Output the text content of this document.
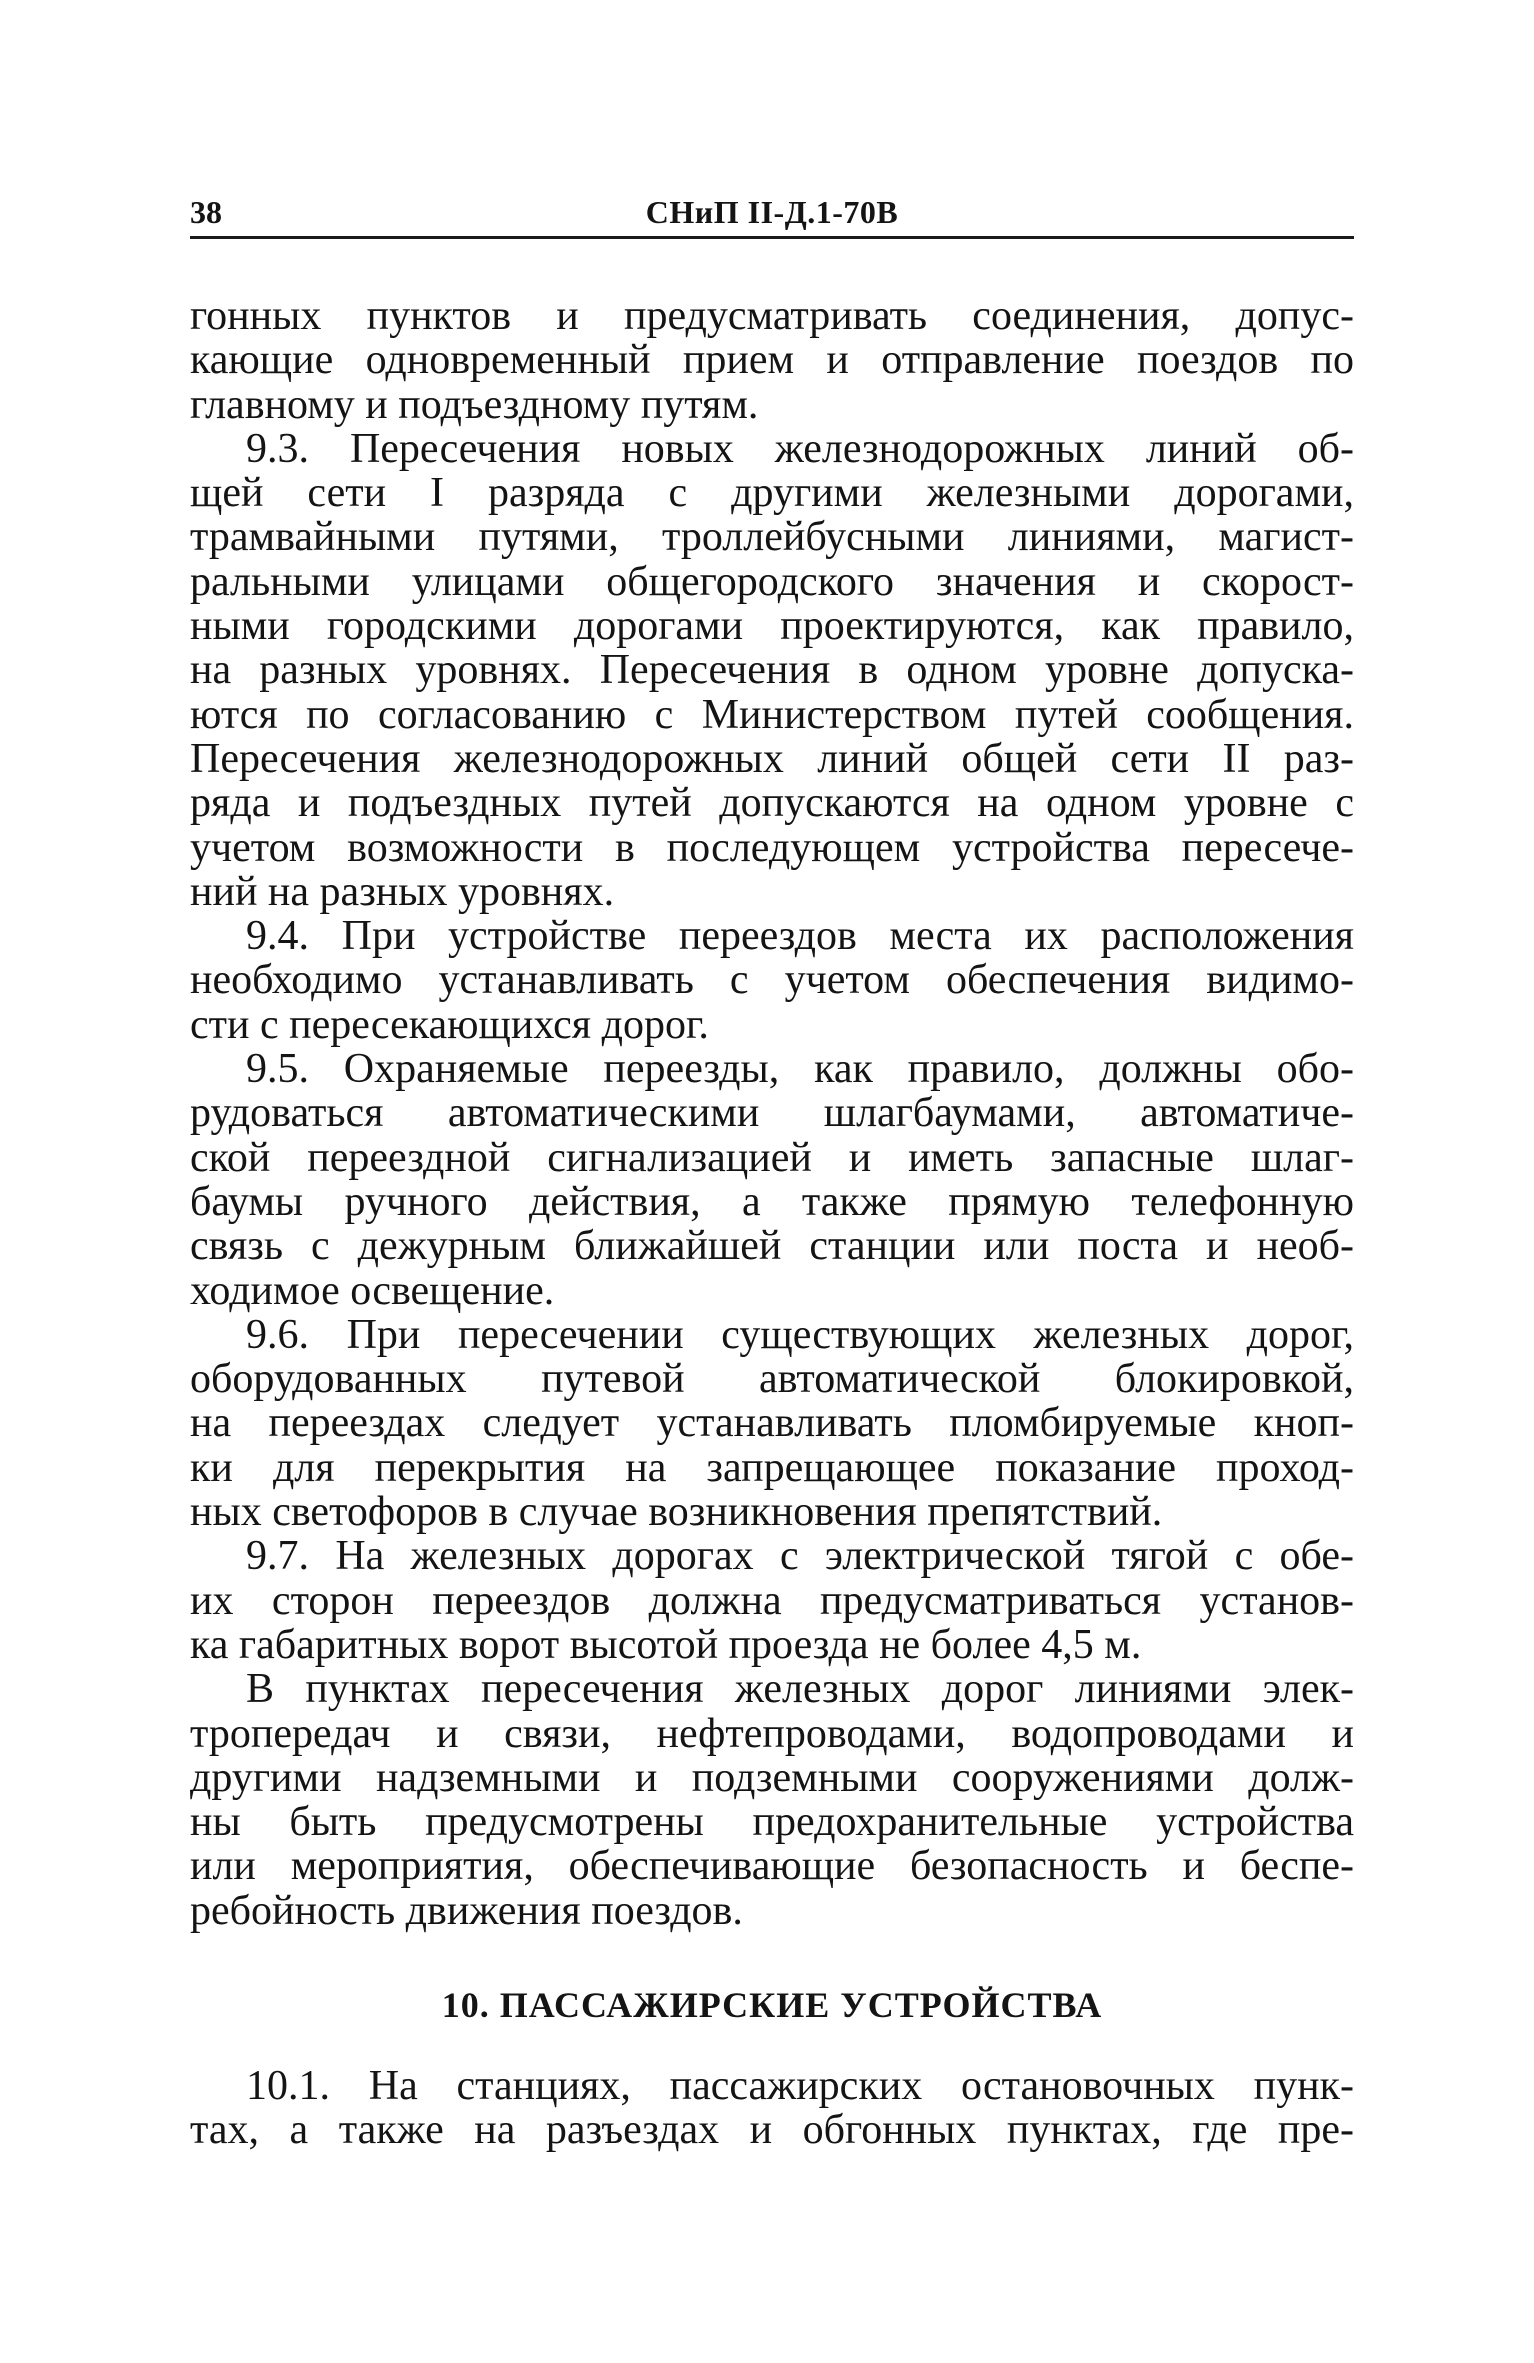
38	СНиП II-Д.1-70В
гонных пунктов и предусматривать соединения, допус-
кающие одновременный прием и отправление поездов по
главному и подъездному путям.
9.3. Пересечения новых железнодорожных линий об-
щей сети I разряда с другими железными дорогами,
трамвайными путями, троллейбусными линиями, магист-
ральными улицами общегородского значения и скорост-
ными городскими дорогами проектируются, как правило,
на разных уровнях. Пересечения в одном уровне допуска-
ются по согласованию с Министерством путей сообщения.
Пересечения железнодорожных линий общей сети II раз-
ряда и подъездных путей допускаются на одном уровне с
учетом возможности в последующем устройства пересече-
ний на разных уровнях.
9.4. При устройстве переездов места их расположения
необходимо устанавливать с учетом обеспечения видимо-
сти с пересекающихся дорог.
9.5. Охраняемые переезды, как правило, должны обо-
рудоваться автоматическими шлагбаумами, автоматиче-
ской переездной сигнализацией и иметь запасные шлаг-
баумы ручного действия, а также прямую телефонную
связь с дежурным ближайшей станции или поста и необ-
ходимое освещение.
9.6. При пересечении существующих железных дорог,
оборудованных путевой автоматической блокировкой,
на переездах следует устанавливать пломбируемые кноп-
ки для перекрытия на запрещающее показание проход-
ных светофоров в случае возникновения препятствий.
9.7. На железных дорогах с электрической тягой с обе-
их сторон переездов должна предусматриваться установ-
ка габаритных ворот высотой проезда не более 4,5 м.
В пунктах пересечения железных дорог линиями элек-
тропередач и связи, нефтепроводами, водопроводами и
другими надземными и подземными сооружениями долж-
ны быть предусмотрены предохранительные устройства
или мероприятия, обеспечивающие безопасность и беспе-
ребойность движения поездов.
10. ПАССАЖИРСКИЕ УСТРОЙСТВА
10.1. На станциях, пассажирских остановочных пунк-
тах, а также на разъездах и обгонных пунктах, где пре-
